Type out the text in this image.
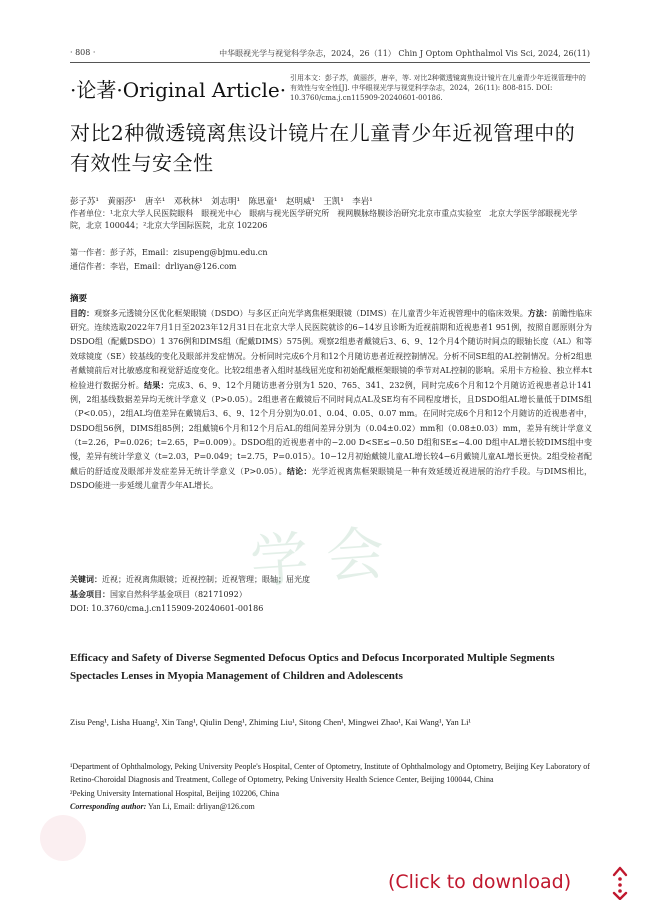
· 808 ·	中华眼视光学与视觉科学杂志，2024，26（11） Chin J Optom Ophthalmol Vis Sci, 2024, 26(11)
·论著·Original Article· 引用本文：彭子苏，黄丽莎，唐辛，等. 对比2种微透镜离焦设计镜片在儿童青少年近视管理中的有效性与安全性[J]. 中华眼视光学与视觉科学杂志，2024，26(11): 808-815. DOI: 10.3760/cma.j.cn115909-20240601-00186.
对比2种微透镜离焦设计镜片在儿童青少年近视管理中的有效性与安全性
彭子苏¹　黄丽莎¹　唐辛¹　邓秋林¹　刘志明¹　陈思童¹　赵明威¹　王凯¹　李岩¹
作者单位：¹北京大学人民医院眼科　眼视光中心　眼病与视光医学研究所　视网膜脉络膜诊治研究北京市重点实验室　北京大学医学部眼视光学院，北京 100044；²北京大学国际医院，北京 102206
第一作者：彭子苏，Email：zisupeng@bjmu.edu.cn
通信作者：李岩，Email：drliyan@126.com
摘要
目的：观察多元透镜分区优化框架眼镜（DSDO）与多区正向光学离焦框架眼镜（DIMS）在儿童青少年近视管理中的临床效果。方法：前瞻性临床研究。连续选取2022年7月1日至2023年12月31日在北京大学人民医院就诊的6~14岁且诊断为近视前期和近视患者1 951例，按照自愿原则分为DSDO组（配戴DSDO）1 376例和DIMS组（配戴DIMS）575例。观察2组患者戴镜后3、6、9、12个月4个随访时间点的眼轴长度（AL）和等效球镜度（SE）较基线的变化及眼部并发症情况。分析同时完成6个月和12个月随访患者近视控制情况。分析不同SE组的AL控制情况。分析2组患者戴镜前后对比敏感度和视觉舒适度变化。比较2组患者入组时基线屈光度和初始配戴框架眼镜的季节对AL控制的影响。采用卡方检验、独立样本t检验进行数据分析。结果：完成3、6、9、12个月随访患者分别为1 520、765、341、232例，同时完成6个月和12个月随访近视患者总计141例，2组基线数据差异均无统计学意义（P>0.05）。2组患者在戴镜后不同时间点AL及SE均有不同程度增长，且DSDO组AL增长量低于DIMS组（P<0.05），2组AL均值差异在戴镜后3、6、9、12个月分别为0.01、0.04、0.05、0.07 mm。在同时完成6个月和12个月随访的近视患者中，DSDO组56例，DIMS组85例；2组戴镜6个月和12个月后AL的组间差异分别为（0.04±0.02）mm和（0.08±0.03）mm，差异有统计学意义（t=2.26，P=0.026；t=2.65，P=0.009）。DSDO组的近视患者中的−2.00 D<SE≤−0.50 D组和SE≤−4.00 D组中AL增长较DIMS组中变慢，差异有统计学意义（t=2.03，P=0.049；t=2.75，P=0.015）。10−12月初始戴镜儿童AL增长较4−6月戴镜儿童AL增长更快。2组受检者配戴后的舒适度及眼部并发症差异无统计学意义（P>0.05）。结论：光学近视离焦框架眼镜是一种有效延缓近视进展的治疗手段。与DIMS相比，DSDO能进一步延缓儿童青少年AL增长。
学会
关键词：近视；近视离焦眼镜；近视控制；近视管理；眼轴；屈光度
基金项目：国家自然科学基金项目（82171092）
DOI: 10.3760/cma.j.cn115909-20240601-00186
Efficacy and Safety of Diverse Segmented Defocus Optics and Defocus Incorporated Multiple Segments Spectacles Lenses in Myopia Management of Children and Adolescents
Zisu Peng¹, Lisha Huang², Xin Tang¹, Qiulin Deng¹, Zhiming Liu¹, Sitong Chen¹, Mingwei Zhao¹, Kai Wang¹, Yan Li¹
¹Department of Ophthalmology, Peking University People's Hospital, Center of Optometry, Institute of Ophthalmology and Optometry, Beijing Key Laboratory of Retino-Choroidal Diagnosis and Treatment, College of Optometry, Peking University Health Science Center, Beijing 100044, China
²Peking University International Hospital, Beijing 102206, China
Corresponding author: Yan Li, Email: drliyan@126.com
(Click to download)
